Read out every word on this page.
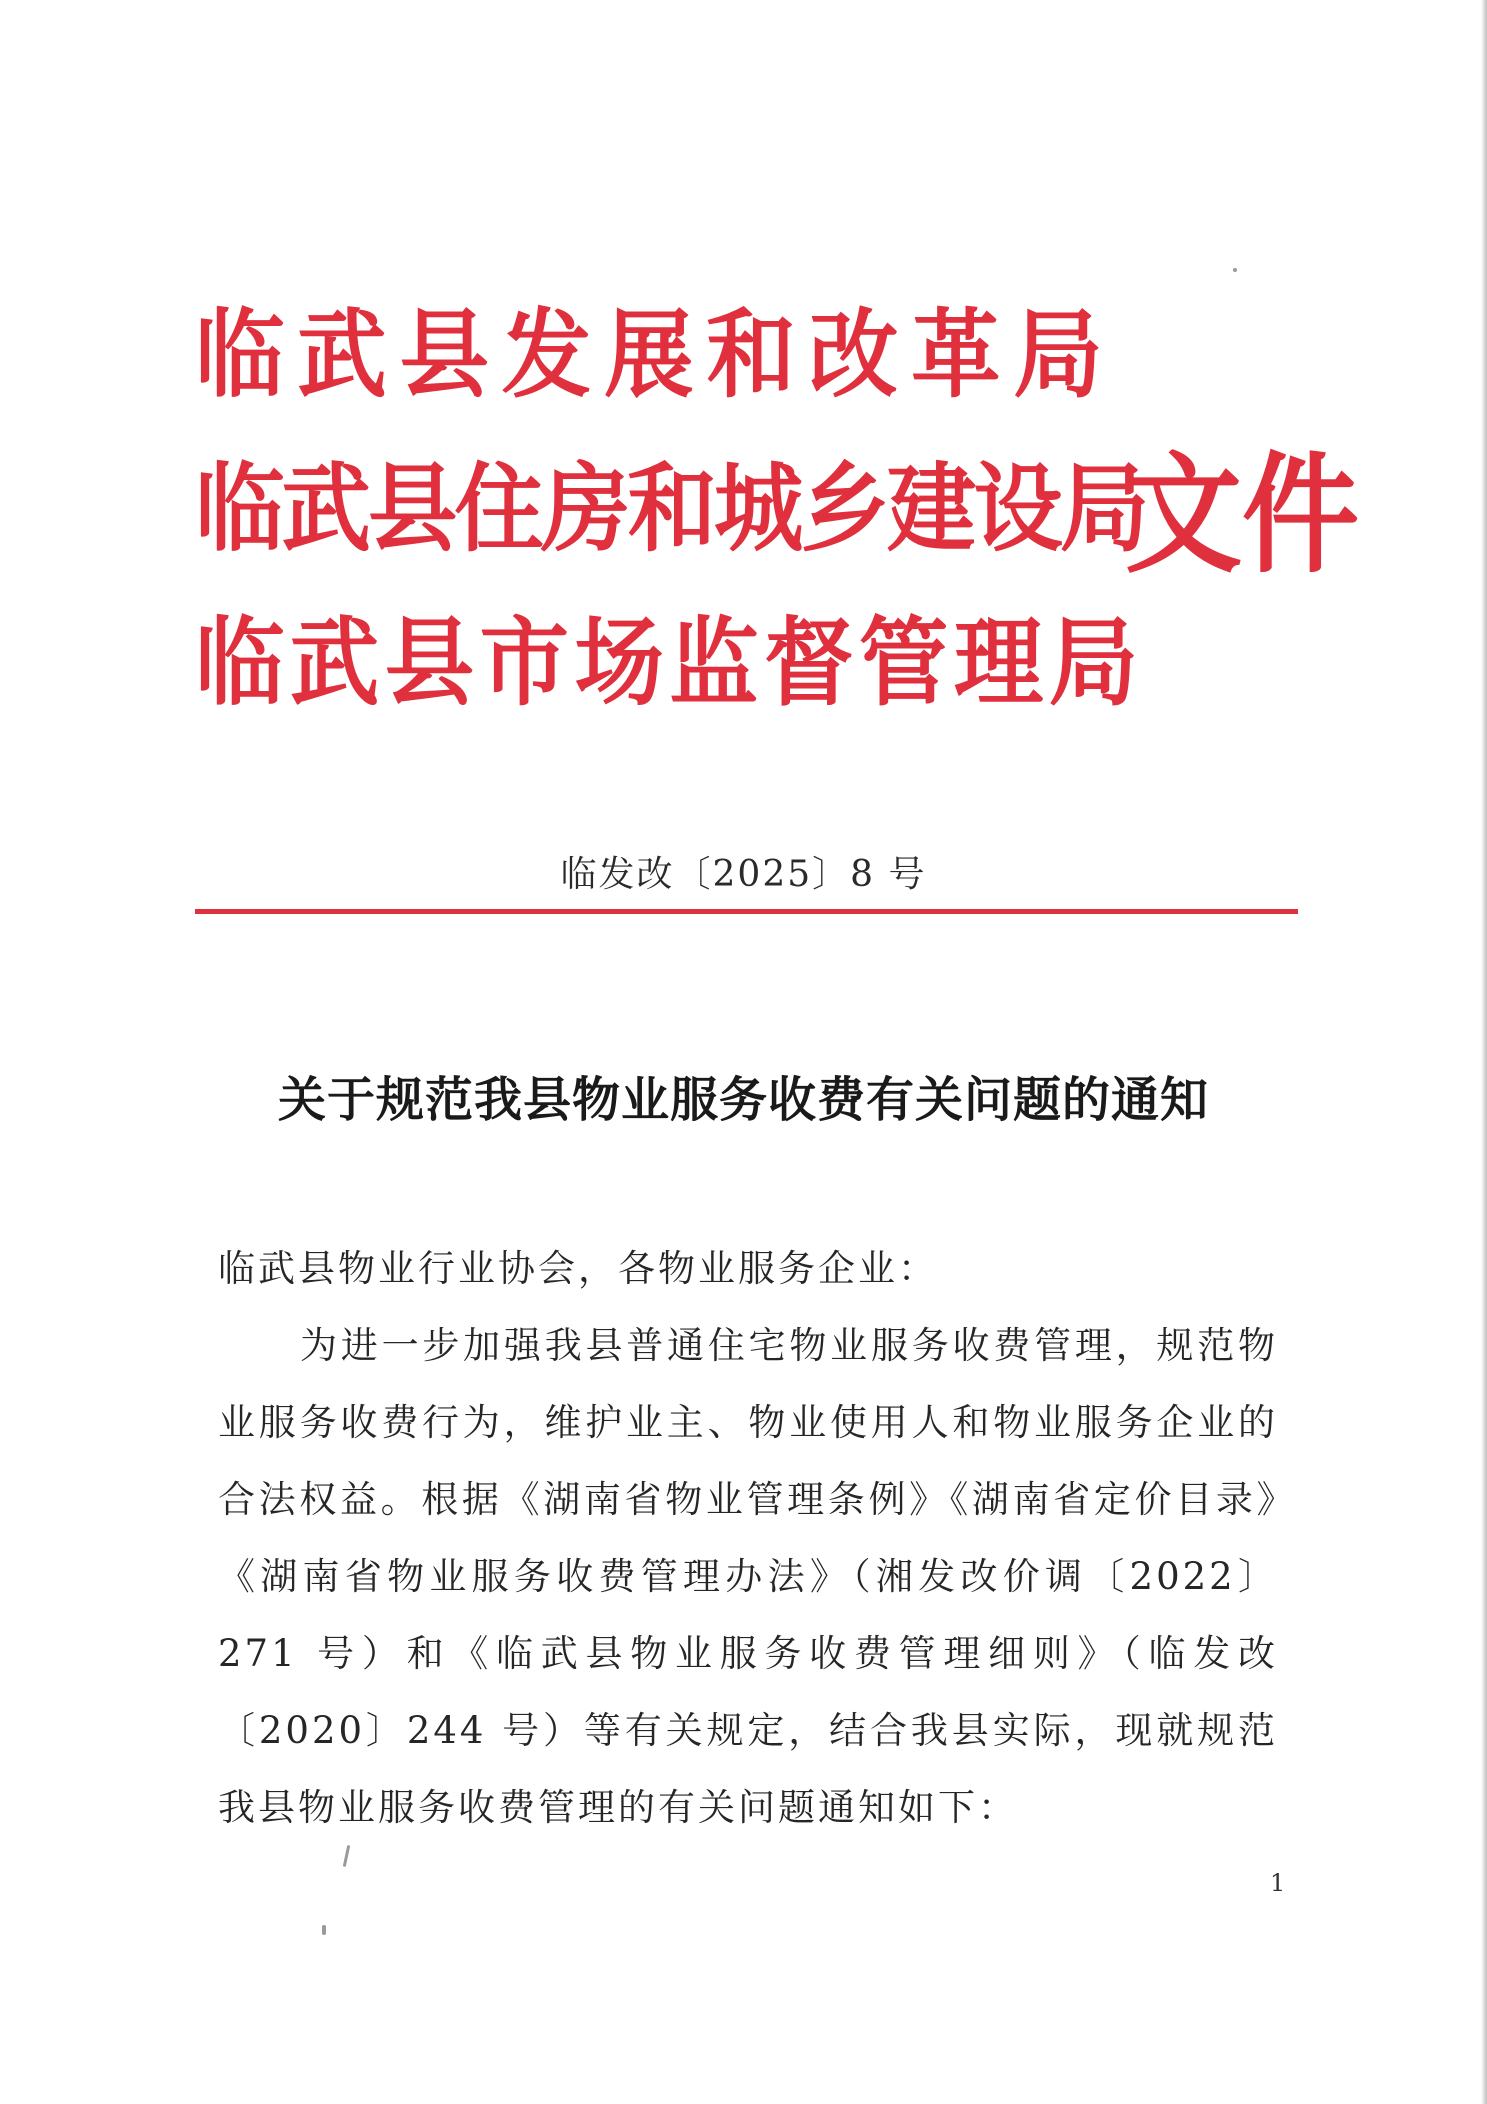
临武县发展和改革局
临武县住房和城乡建设局
临武县市场监督管理局
文件
临发改〔2025〕8 号
关于规范我县物业服务收费有关问题的通知

临武县物业行业协会，各物业服务企业：

为进一步加强我县普通住宅物业服务收费管理，规范物业服务收费行为，维护业主、物业使用人和物业服务企业的合法权益。根据《湖南省物业管理条例》《湖南省定价目录》《湖南省物业服务收费管理办法》（湘发改价调〔2022〕271 号）和《临武县物业服务收费管理细则》（临发改〔2020〕244 号）等有关规定，结合我县实际，现就规范我县物业服务收费管理的有关问题通知如下：

1
